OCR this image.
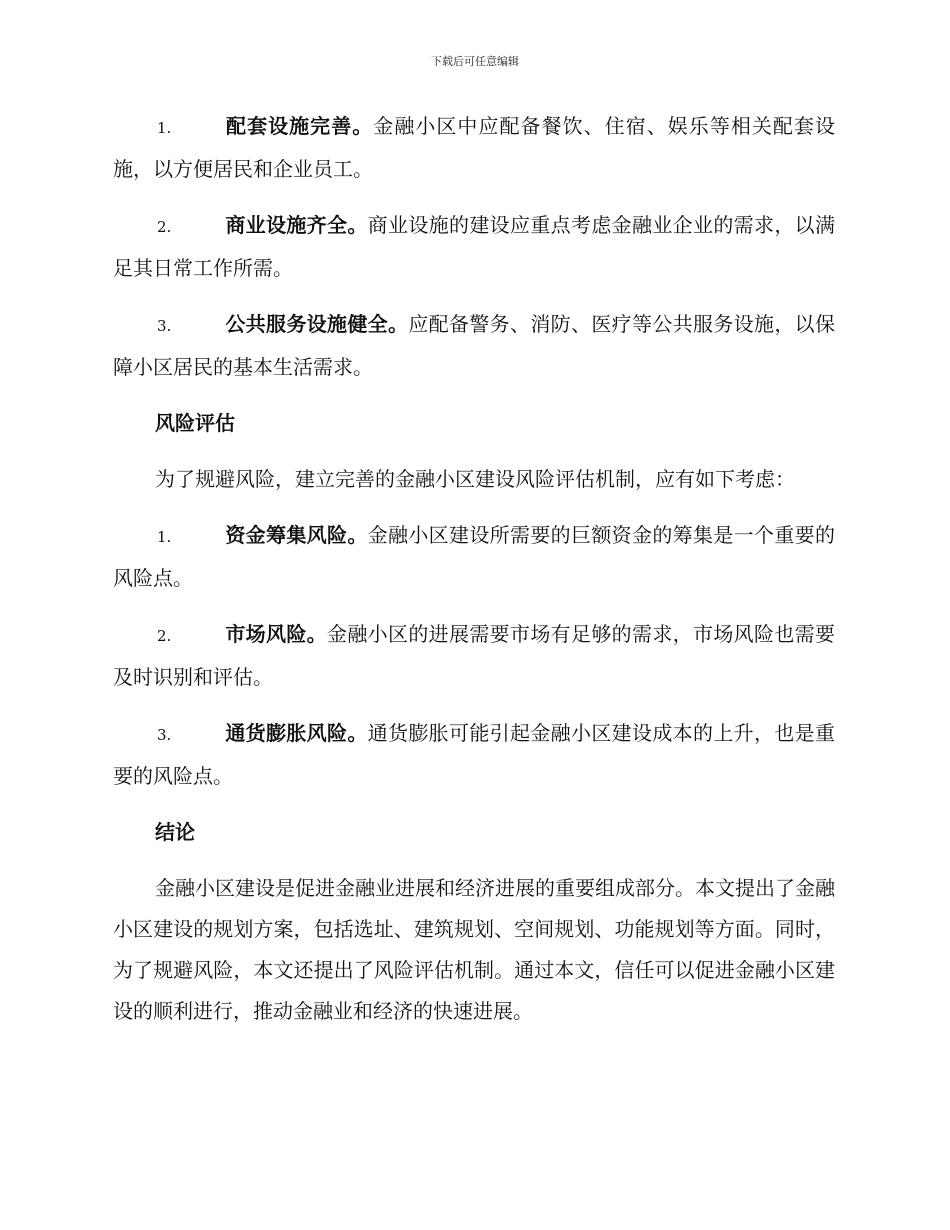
下载后可任意编辑

1.	配套设施完善。金融小区中应配备餐饮、住宿、娱乐等相关配套设施，以方便居民和企业员工。

2.	商业设施齐全。商业设施的建设应重点考虑金融业企业的需求，以满足其日常工作所需。

3.	公共服务设施健全。应配备警务、消防、医疗等公共服务设施，以保障小区居民的基本生活需求。

风险评估

为了规避风险，建立完善的金融小区建设风险评估机制，应有如下考虑：

1.	资金筹集风险。金融小区建设所需要的巨额资金的筹集是一个重要的风险点。

2.	市场风险。金融小区的进展需要市场有足够的需求，市场风险也需要及时识别和评估。

3.	通货膨胀风险。通货膨胀可能引起金融小区建设成本的上升，也是重要的风险点。

结论

金融小区建设是促进金融业进展和经济进展的重要组成部分。本文提出了金融小区建设的规划方案，包括选址、建筑规划、空间规划、功能规划等方面。同时，为了规避风险，本文还提出了风险评估机制。通过本文，信任可以促进金融小区建设的顺利进行，推动金融业和经济的快速进展。
